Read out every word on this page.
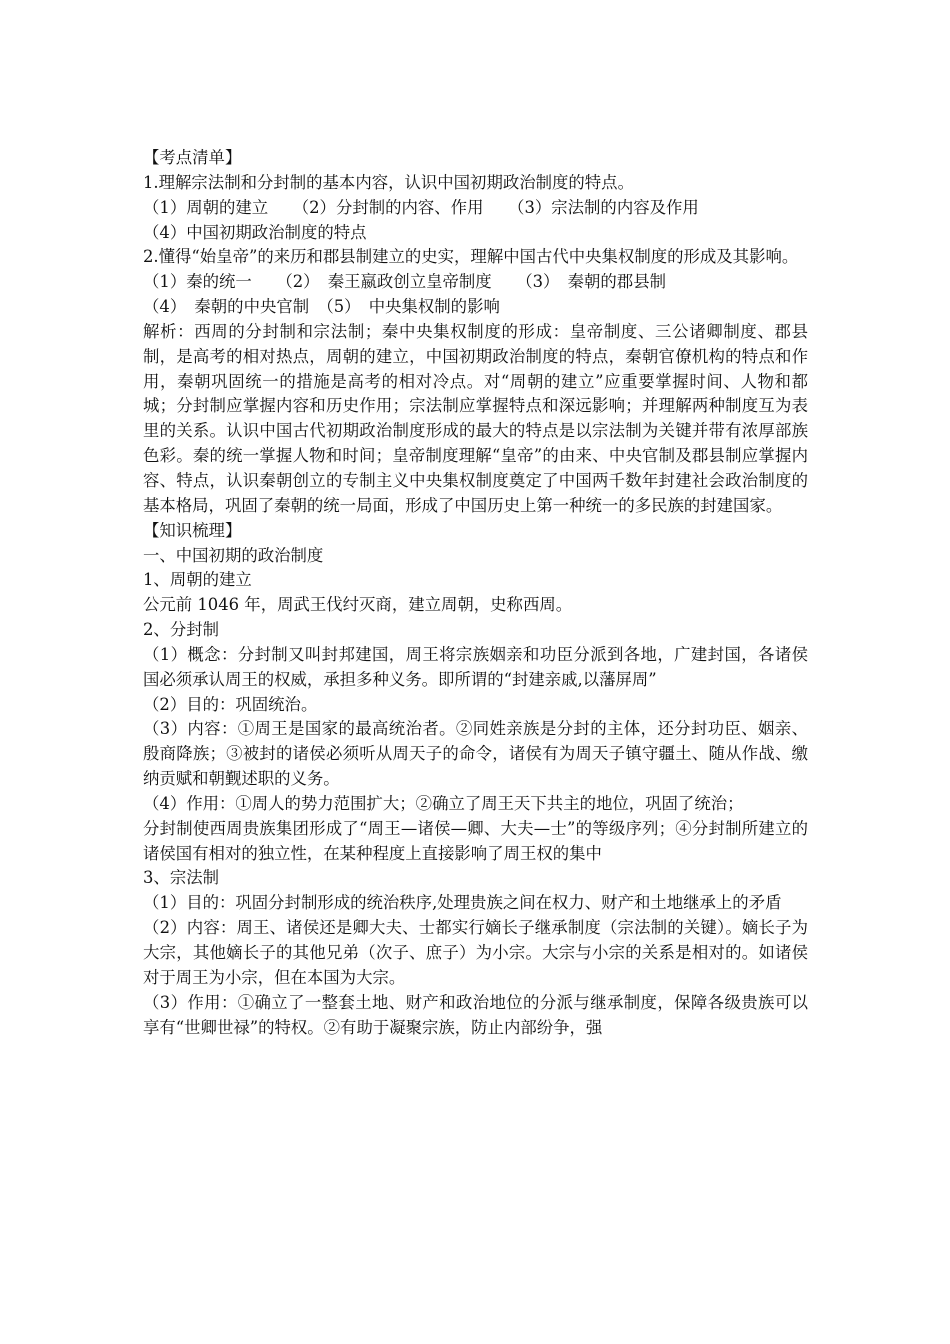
【考点清单】
1.理解宗法制和分封制的基本内容，认识中国初期政治制度的特点。
（1）周朝的建立　　（2）分封制的内容、作用　　（3）宗法制的内容及作用
（4）中国初期政治制度的特点
2.懂得“始皇帝”的来历和郡县制建立的史实，理解中国古代中央集权制度的形成及其影响。
（1）秦的统一　　（2）　秦王嬴政创立皇帝制度　　（3）　秦朝的郡县制
（4）　秦朝的中央官制　（5）　中央集权制的影响
解析：西周的分封制和宗法制；秦中央集权制度的形成：皇帝制度、三公诸卿制度、郡县制，是高考的相对热点，周朝的建立，中国初期政治制度的特点，秦朝官僚机构的特点和作用，秦朝巩固统一的措施是高考的相对冷点。对“周朝的建立”应重要掌握时间、人物和都城；分封制应掌握内容和历史作用；宗法制应掌握特点和深远影响；并理解两种制度互为表里的关系。认识中国古代初期政治制度形成的最大的特点是以宗法制为关键并带有浓厚部族色彩。秦的统一掌握人物和时间；皇帝制度理解“皇帝”的由来、中央官制及郡县制应掌握内容、特点，认识秦朝创立的专制主义中央集权制度奠定了中国两千数年封建社会政治制度的基本格局，巩固了秦朝的统一局面，形成了中国历史上第一种统一的多民族的封建国家。
【知识梳理】
一、中国初期的政治制度
1、周朝的建立
公元前 1046 年，周武王伐纣灭商，建立周朝，史称西周。
2、分封制
（1）概念：分封制又叫封邦建国，周王将宗族姻亲和功臣分派到各地，广建封国，各诸侯国必须承认周王的权威，承担多种义务。即所谓的“封建亲戚,以藩屏周”
（2）目的：巩固统治。
（3）内容：①周王是国家的最高统治者。②同姓亲族是分封的主体，还分封功臣、姻亲、殷商降族；③被封的诸侯必须听从周天子的命令，诸侯有为周天子镇守疆土、随从作战、缴纳贡赋和朝觐述职的义务。
（4）作用：①周人的势力范围扩大；②确立了周王天下共主的地位，巩固了统治；
分封制使西周贵族集团形成了“周王—诸侯—卿、大夫—士”的等级序列；④分封制所建立的诸侯国有相对的独立性，在某种程度上直接影响了周王权的集中
3、宗法制
（1）目的：巩固分封制形成的统治秩序,处理贵族之间在权力、财产和土地继承上的矛盾
（2）内容：周王、诸侯还是卿大夫、士都实行嫡长子继承制度（宗法制的关键）。嫡长子为大宗，其他嫡长子的其他兄弟（次子、庶子）为小宗。大宗与小宗的关系是相对的。如诸侯对于周王为小宗，但在本国为大宗。
（3）作用：①确立了一整套土地、财产和政治地位的分派与继承制度，保障各级贵族可以享有“世卿世禄”的特权。②有助于凝聚宗族，防止内部纷争，强
